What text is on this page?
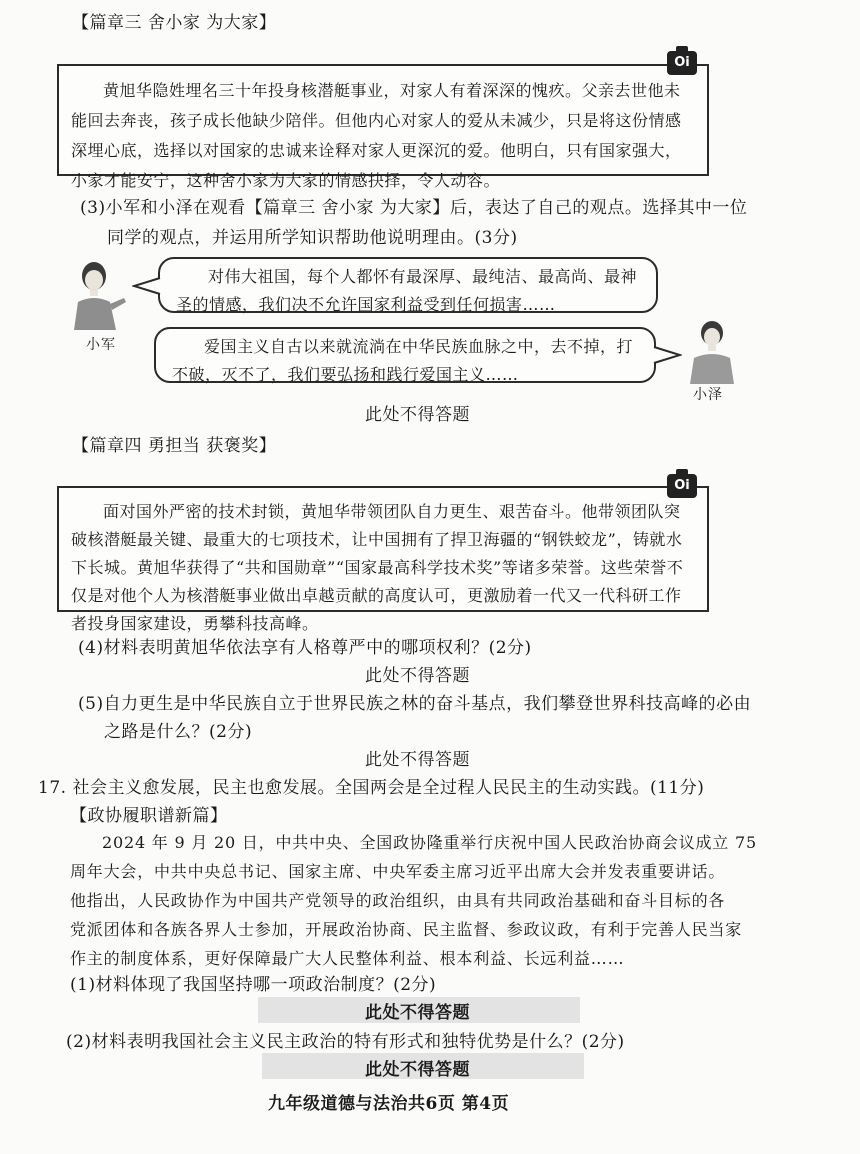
【篇章三 舍小家 为大家】

黄旭华隐姓埋名三十年投身核潜艇事业，对家人有着深深的愧疚。父亲去世他未能回去奔丧，孩子成长他缺少陪伴。但他内心对家人的爱从未减少，只是将这份情感深埋心底，选择以对国家的忠诚来诠释对家人更深沉的爱。他明白，只有国家强大，小家才能安宁，这种舍小家为大家的情感抉择，令人动容。

Oi
(3)小军和小泽在观看【篇章三 舍小家 为大家】后，表达了自己的观点。选择其中一位
同学的观点，并运用所学知识帮助他说明理由。(3分)
小军
对伟大祖国，每个人都怀有最深厚、最纯洁、最高尚、最神圣的情感，我们决不允许国家利益受到任何损害……
爱国主义自古以来就流淌在中华民族血脉之中，去不掉，打不破，灭不了，我们要弘扬和践行爱国主义……
小泽
此处不得答题
【篇章四 勇担当 获褒奖】

面对国外严密的技术封锁，黄旭华带领团队自力更生、艰苦奋斗。他带领团队突破核潜艇最关键、最重大的七项技术，让中国拥有了捍卫海疆的“钢铁蛟龙”，铸就水下长城。黄旭华获得了“共和国勋章”“国家最高科学技术奖”等诸多荣誉。这些荣誉不仅是对他个人为核潜艇事业做出卓越贡献的高度认可，更激励着一代又一代科研工作者投身国家建设，勇攀科技高峰。

Oi
(4)材料表明黄旭华依法享有人格尊严中的哪项权利？(2分)
此处不得答题
(5)自力更生是中华民族自立于世界民族之林的奋斗基点，我们攀登世界科技高峰的必由
之路是什么？(2分)
此处不得答题
17. 社会主义愈发展，民主也愈发展。全国两会是全过程人民民主的生动实践。(11分)
【政协履职谱新篇】
2024 年 9 月 20 日，中共中央、全国政协隆重举行庆祝中国人民政治协商会议成立 75
周年大会，中共中央总书记、国家主席、中央军委主席习近平出席大会并发表重要讲话。
他指出，人民政协作为中国共产党领导的政治组织，由具有共同政治基础和奋斗目标的各
党派团体和各族各界人士参加，开展政治协商、民主监督、参政议政，有利于完善人民当家
作主的制度体系，更好保障最广大人民整体利益、根本利益、长远利益……
(1)材料体现了我国坚持哪一项政治制度？(2分)
此处不得答题
(2)材料表明我国社会主义民主政治的特有形式和独特优势是什么？(2分)
此处不得答题
九年级道德与法治共6页 第4页
